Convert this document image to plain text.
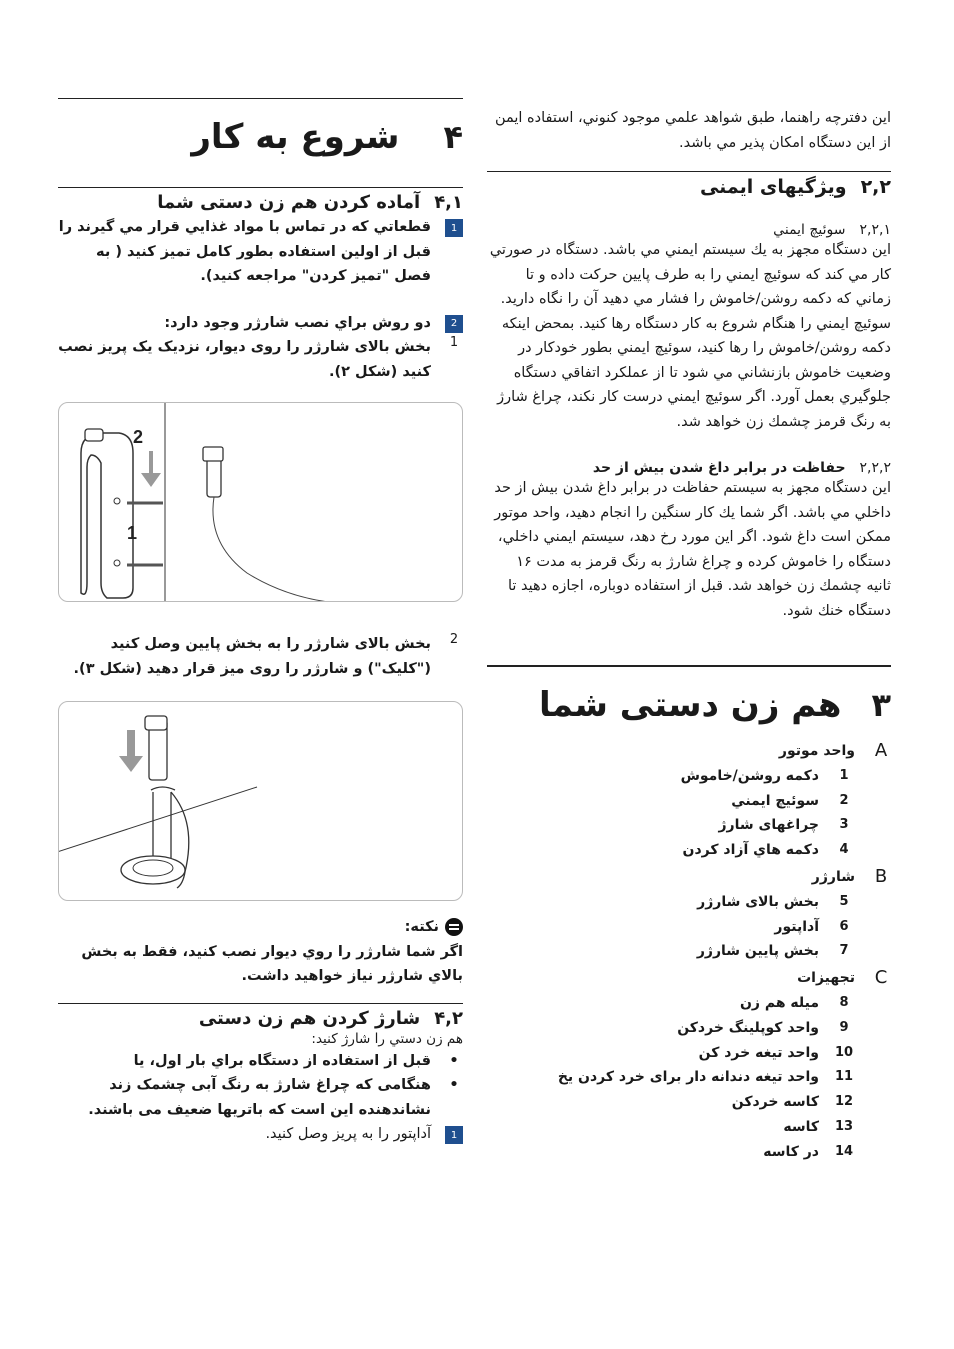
این دفترچه راهنما، طبق شواهد علمي موجود کنوني، استفاده ايمن از این دستگاه امکان پذیر مي باشد.

۲,۲
ویژگیهای ایمنی
۲,۲,۱
سوئیچ ایمني

این دستگاه مجهز به یك سیستم ایمني مي باشد. دستگاه در صورتي کار مي کند که سوئیچ ایمني را به طرف پایین حرکت داده و تا زماني که دکمه روشن/خاموش را فشار مي دهید آن را نگاه دارید. سوئیچ ایمني را هنگام شروع به کار دستگاه رها کنید. بمحض اینکه دکمه روشن/خاموش را رها کنید، سوئیچ ایمني بطور خودکار در وضعیت خاموش بازنشاني مي شود تا از عملکرد اتفاقي دستگاه جلوگیري بعمل آورد. اگر سوئیچ ایمني درست کار نکند، چراغ شارژ به رنگ قرمز چشمك زن خواهد شد.

۲,۲,۲
حفاظت در برابر داغ شدن بیش از حد

این دستگاه مجهز به سیستم حفاظت در برابر داغ شدن بیش از حد داخلي مي باشد. اگر شما یك کار سنگین را انجام دهید، واحد موتور ممکن است داغ شود. اگر این مورد رخ دهد، سیستم ایمني داخلي، دستگاه را خاموش کرده و چراغ شارژ به رنگ قرمز به مدت ۱۶ ثانیه چشمك زن خواهد شد. قبل از استفاده دوباره، اجازه دهید تا دستگاه خنك شود.

۳
هم زن دستی شما
A
واحد موتور
1
دکمه روشن/خاموش
2
سوئیچ ایمني
3
چراغهای شارژ
4
دکمه هاي آزاد کردن
B
شارژر
5
بخش بالای شارژر
6
آداپتور
7
بخش پایین شارژر
C
تجهیزات
8
میله هم زن
9
واحد کوپلینگ خردکن
10
واحد تیغه خرد کن
11
واحد تیغه دندانه دار برای خرد کردن یخ
12
کاسه خردکن
13
کاسه
14
در کاسه
۴
شروع به کار
۴,۱
آماده کردن هم زن دستی شما
1

قطعاتي که در تماس با مواد غذایي قرار مي گیرند را قبل از اولین استفاده بطور کامل تمیز کنید ( به فصل "تمیز کردن" مراجعه کنید).

2

دو روش براي نصب شارژر وجود دارد:

1

بخش بالای شارژر را روی دیوار، نزدیک یک پریز نصب کنید (شکل ۲).

2
1
2

بخش بالای شارژر را به بخش پایین وصل کنید ("کلیک") و شارژر را روی میز قرار دهید (شکل ۳).

نکته:

اگر شما شارژر را روي دیوار نصب کنید، فقط به بخش بالاي شارژر نیاز خواهید داشت.

۴,۲
شارژ کردن هم زن دستی

هم زن دستي را شارژ کنید:

•
قبل از استفاده از دستگاه براي بار اول، یا
•
هنگامی که چراغ شارژ به رنگ آبی چشمک زند نشاندهنده این است که باتریها ضعیف می باشند.
1

آداپتور را به پریز وصل کنید.
